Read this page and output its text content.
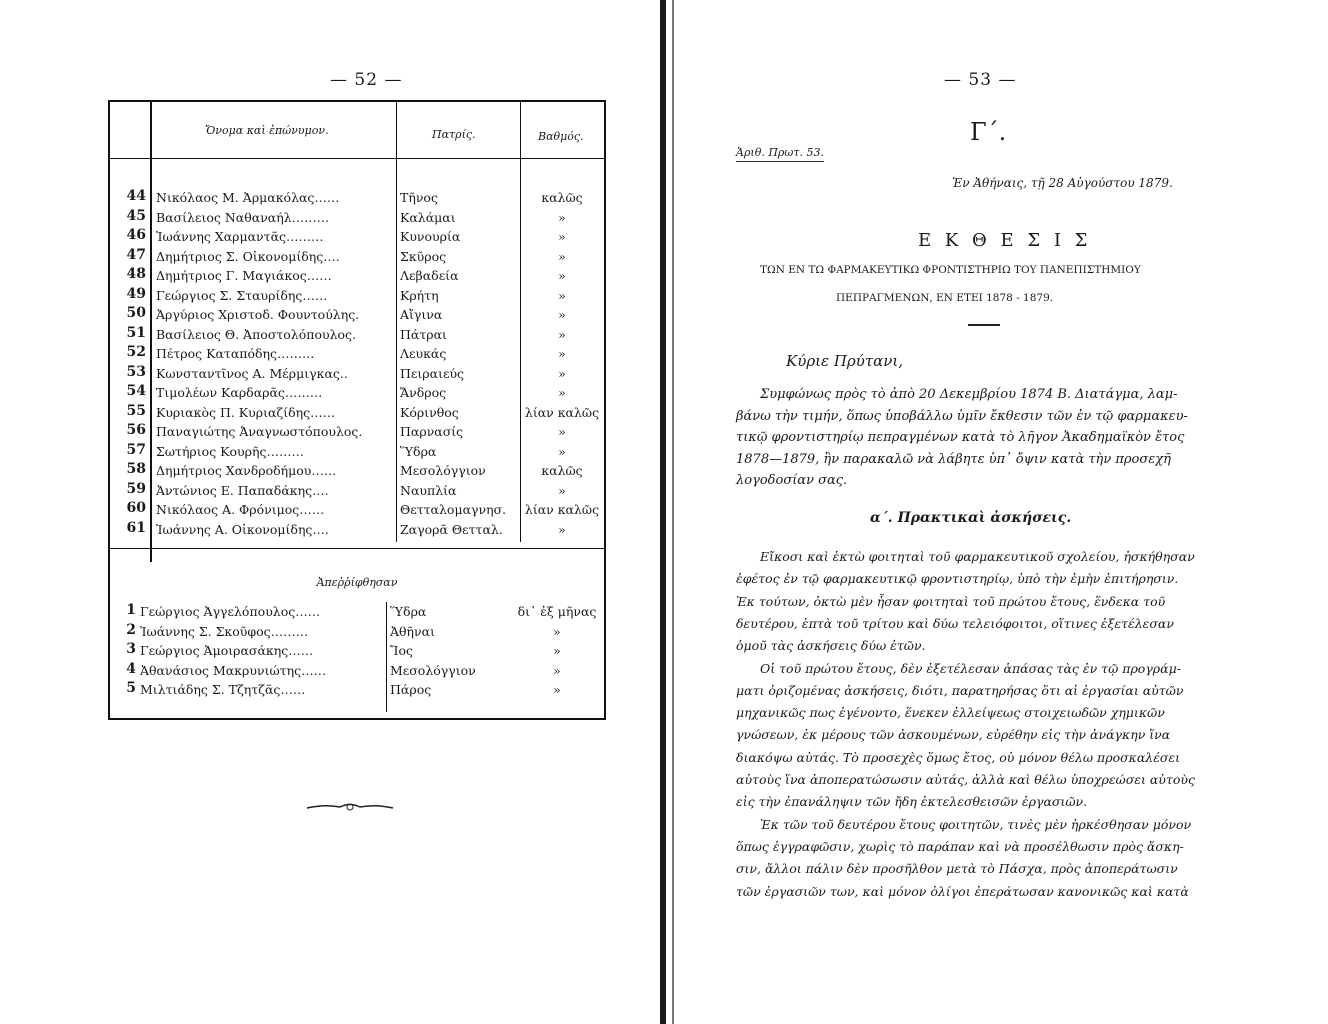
— 52 —
Ὄνομα καὶ ἐπώνυμον.	Πατρίς.	Βαθμός.
44 Νικόλαος Μ. Ἀρμακόλας……	Τῆνος	καλῶς
45 Βασίλειος Ναθαναήλ………	Καλάμαι	»
46 Ἰωάννης Χαρμαντᾶς………	Κυνουρία	»
47 Δημήτριος Σ. Οἰκονομίδης….	Σκῦρος	»
48 Δημήτριος Γ. Μαγιάκος……	Λεβαδεία	»
49 Γεώργιος Σ. Σταυρίδης……	Κρήτη	»
50 Ἀργύριος Χριστοδ. Φουντούλης.	Αἴγινα	»
51 Βασίλειος Θ. Ἀποστολόπουλος.	Πάτραι	»
52 Πέτρος Καταπόδης………	Λευκάς	»
53 Κωνσταντῖνος Α. Μέρμιγκας..	Πειραιεύς	»
54 Τιμολέων Καρδαρᾶς………	Ἄνδρος	»
55 Κυριακὸς Π. Κυριαζίδης……	Κόρινθος	λίαν καλῶς
56 Παναγιώτης Ἀναγνωστόπουλος.	Παρνασίς	»
57 Σωτήριος Κουρῆς………	Ὕδρα	»
58 Δημήτριος Χανδροδήμου……	Μεσολόγγιον	καλῶς
59 Ἀντώνιος Ε. Παπαδάκης….	Ναυπλία	»
60 Νικόλαος Α. Φρόνιμος……	Θετταλομαγνησ.	λίαν καλῶς
61 Ἰωάννης Α. Οἰκονομίδης….	Ζαγορᾶ Θετταλ.	»
Ἀπεῤῥίφθησαν
1 Γεώργιος Ἀγγελόπουλος……	Ὕδρα	δι᾽ ἐξ μῆνας
2 Ἰωάννης Σ. Σκοῦφος………	Ἀθῆναι	»
3 Γεώργιος Ἀμοιρασάκης……	Ἴος	»
4 Ἀθανάσιος Μακρυνιώτης……	Μεσολόγγιον	»
5 Μιλτιάδης Σ. Τζητζᾶς……	Πάρος	»
— 53 —
Γ´.
Ἀριθ. Πρωτ. 53.
Ἐν Ἀθήναις, τῇ 28 Αὐγούστου 1879.
Ε Κ Θ Ε Σ Ι Σ
ΤΩΝ ΕΝ ΤΩ ΦΑΡΜΑΚΕΥΤΙΚΩ ΦΡΟΝΤΙΣΤΗΡΙΩ ΤΟΥ ΠΑΝΕΠΙΣΤΗΜΙΟΥ
ΠΕΠΡΑΓΜΕΝΩΝ, ΕΝ ΕΤΕΙ 1878 - 1879.
Κύριε Πρύτανι,
Συμφώνως πρὸς τὸ ἀπὸ 20 Δεκεμβρίου 1874 Β. Διατάγμα, λαμ-
βάνω τὴν τιμήν, ὅπως ὑποβάλλω ὑμῖν ἔκθεσιν τῶν ἐν τῷ φαρμακευ-
τικῷ φροντιστηρίῳ πεπραγμένων κατὰ τὸ λῆγον Ἀκαδημαϊκὸν ἔτος
1878—1879, ἣν παρακαλῶ νὰ λάβητε ὑπ᾽ ὄψιν κατὰ τὴν προσεχῆ
λογοδοσίαν σας.
α´. Πρακτικαὶ ἀσκήσεις.
Εἴκοσι καὶ ἑκτὼ φοιτηταὶ τοῦ φαρμακευτικοῦ σχολείου, ἠσκήθησαν
ἐφέτος ἐν τῷ φαρμακευτικῷ φροντιστηρίῳ, ὑπὸ τὴν ἐμὴν ἐπιτήρησιν.
Ἐκ τούτων, ὀκτὼ μὲν ἦσαν φοιτηταὶ τοῦ πρώτου ἔτους, ἕνδεκα τοῦ
δευτέρου, ἑπτὰ τοῦ τρίτου καὶ δύω τελειόφοιτοι, οἵτινες ἐξετέλεσαν
ὁμοῦ τὰς ἀσκήσεις δύω ἐτῶν.
Οἱ τοῦ πρώτου ἔτους, δὲν ἐξετέλεσαν ἁπάσας τὰς ἐν τῷ προγράμ-
ματι ὁριζομένας ἀσκήσεις, διότι, παρατηρήσας ὅτι αἱ ἐργασίαι αὐτῶν
μηχανικῶς πως ἐγένοντο, ἕνεκεν ἐλλείψεως στοιχειωδῶν χημικῶν
γνώσεων, ἐκ μέρους τῶν ἀσκουμένων, εὑρέθην εἰς τὴν ἀνάγκην ἵνα
διακόψω αὐτάς. Τὸ προσεχὲς ὅμως ἔτος, οὐ μόνον θέλω προσκαλέσει
αὐτοὺς ἵνα ἀποπερατώσωσιν αὐτάς, ἀλλὰ καὶ θέλω ὑποχρεώσει αὐτοὺς
εἰς τὴν ἐπανάληψιν τῶν ἤδη ἐκτελεσθεισῶν ἐργασιῶν.
Ἐκ τῶν τοῦ δευτέρου ἔτους φοιτητῶν, τινὲς μὲν ἠρκέσθησαν μόνον
ὅπως ἐγγραφῶσιν, χωρὶς τὸ παράπαν καὶ νὰ προσέλθωσιν πρὸς ἄσκη-
σιν, ἄλλοι πάλιν δὲν προσῆλθον μετὰ τὸ Πάσχα, πρὸς ἀποπεράτωσιν
τῶν ἐργασιῶν των, καὶ μόνον ὀλίγοι ἐπεράτωσαν κανονικῶς καὶ κατὰ
